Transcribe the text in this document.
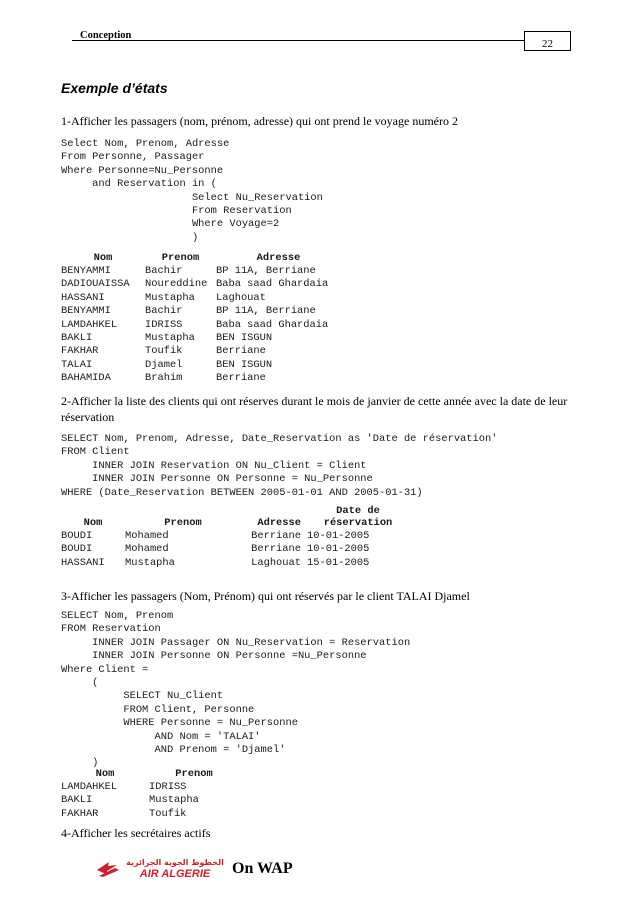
Conception
22
Exemple d’états
1-Afficher les passagers (nom, prénom, adresse) qui ont prend le voyage numéro 2
Select Nom, Prenom, Adresse
From Personne, Passager
Where Personne=Nu_Personne
and Reservation in (
Select Nu_Reservation
From Reservation
Where Voyage=2
)
Nom	Prenom	Adresse
BENYAMMI	Bachir	BP 11A, Berriane
DADIOUAISSA	Noureddine	Baba saad Ghardaia
HASSANI	Mustapha	Laghouat
BENYAMMI	Bachir	BP 11A, Berriane
LAMDAHKEL	IDRISS	Baba saad Ghardaia
BAKLI	Mustapha	BEN ISGUN
FAKHAR	Toufik	Berriane
TALAI	Djamel	BEN ISGUN
BAHAMIDA	Brahim	Berriane
2-Afficher la liste des clients qui ont réserves durant le mois de janvier de cette année avec la date de leur réservation
SELECT Nom, Prenom, Adresse, Date_Reservation as 'Date de réservation'
FROM Client
INNER JOIN Reservation ON Nu_Client = Client
INNER JOIN Personne ON Personne = Nu_Personne
WHERE (Date_Reservation BETWEEN 2005-01-01 AND 2005-01-31)
Nom	Prenom	Adresse	Date de réservation
BOUDI	Mohamed	Berriane	10-01-2005
BOUDI	Mohamed	Berriane	10-01-2005
HASSANI	Mustapha	Laghouat	15-01-2005
3-Afficher les passagers (Nom, Prénom) qui ont réservés par le client TALAI Djamel
SELECT Nom, Prenom
FROM Reservation
INNER JOIN Passager ON Nu_Reservation = Reservation
INNER JOIN Personne ON Personne =Nu_Personne
Where Client =
(
SELECT Nu_Client
FROM Client, Personne
WHERE Personne = Nu_Personne
AND Nom = 'TALAI'
AND Prenom = 'Djamel'
)
Nom	Prenom
LAMDAHKEL	IDRISS
BAKLI	Mustapha
FAKHAR	Toufik
4-Afficher les secrétaires actifs
الخطوط الجوية الجزائرية
AIR ALGERIE On WAP
